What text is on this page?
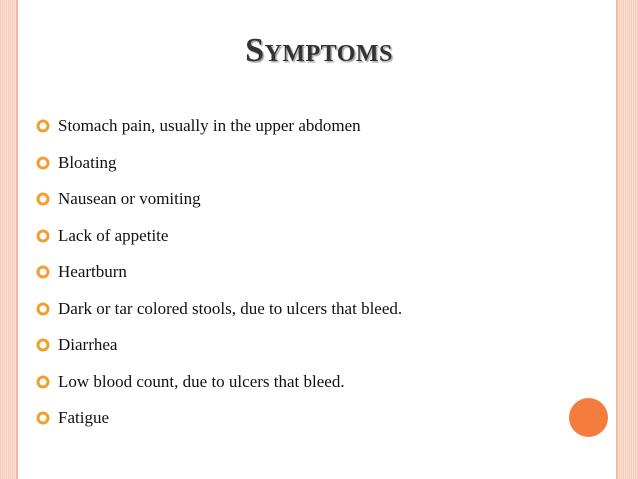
Symptoms
Stomach pain, usually in the upper abdomen
Bloating
Nausean or vomiting
Lack of appetite
Heartburn
Dark or tar colored stools, due to ulcers that bleed.
Diarrhea
Low blood count, due to ulcers that bleed.
Fatigue
